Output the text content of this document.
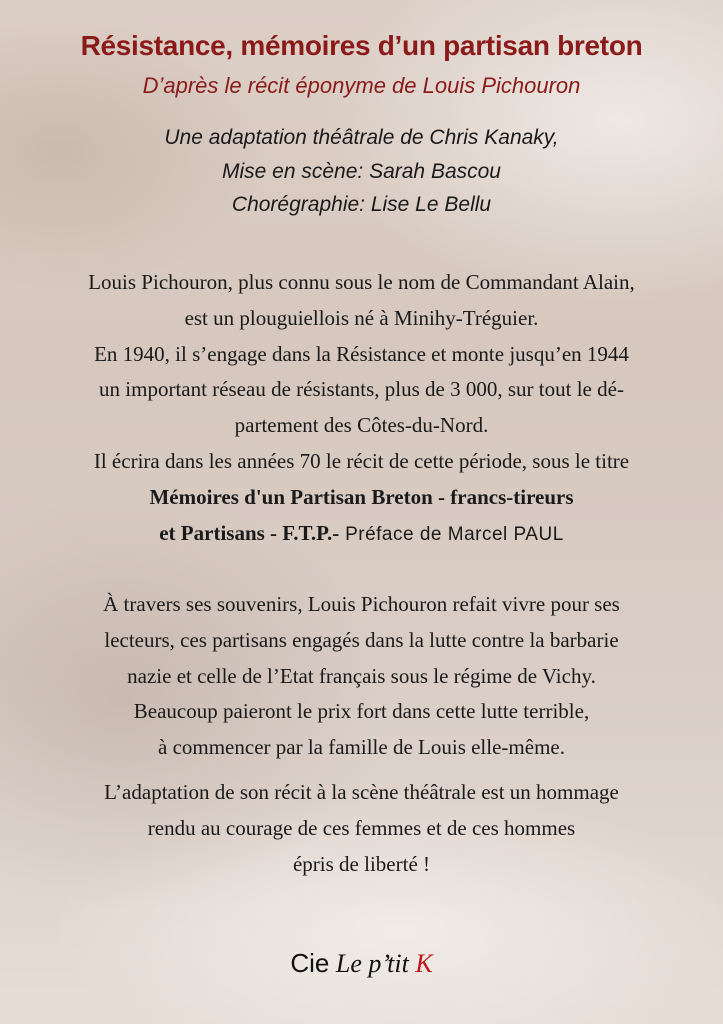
Résistance, mémoires d’un partisan breton
D’après le récit éponyme de Louis Pichouron
Une adaptation théâtrale de Chris Kanaky,
Mise en scène: Sarah Bascou
Chorégraphie: Lise Le Bellu
Louis Pichouron, plus connu sous le nom de Commandant Alain,
est un plouguiellois né à Minihy-Tréguier.
En 1940, il s’engage dans la Résistance et monte jusqu’en 1944
un important réseau de résistants, plus de 3 000, sur tout le dé-
partement des Côtes-du-Nord.
Il écrira dans les années 70 le récit de cette période, sous le titre
Mémoires d'un Partisan Breton - francs-tireurs
et Partisans - F.T.P.- Préface de Marcel PAUL
À travers ses souvenirs, Louis Pichouron refait vivre pour ses
lecteurs, ces partisans engagés dans la lutte contre la barbarie
nazie et celle de l’Etat français sous le régime de Vichy.
Beaucoup paieront le prix fort dans cette lutte terrible,
à commencer par la famille de Louis elle-même.
L’adaptation de son récit à la scène théâtrale est un hommage
rendu au courage de ces femmes et de ces hommes
épris de liberté !
Cie Le p’tit K
